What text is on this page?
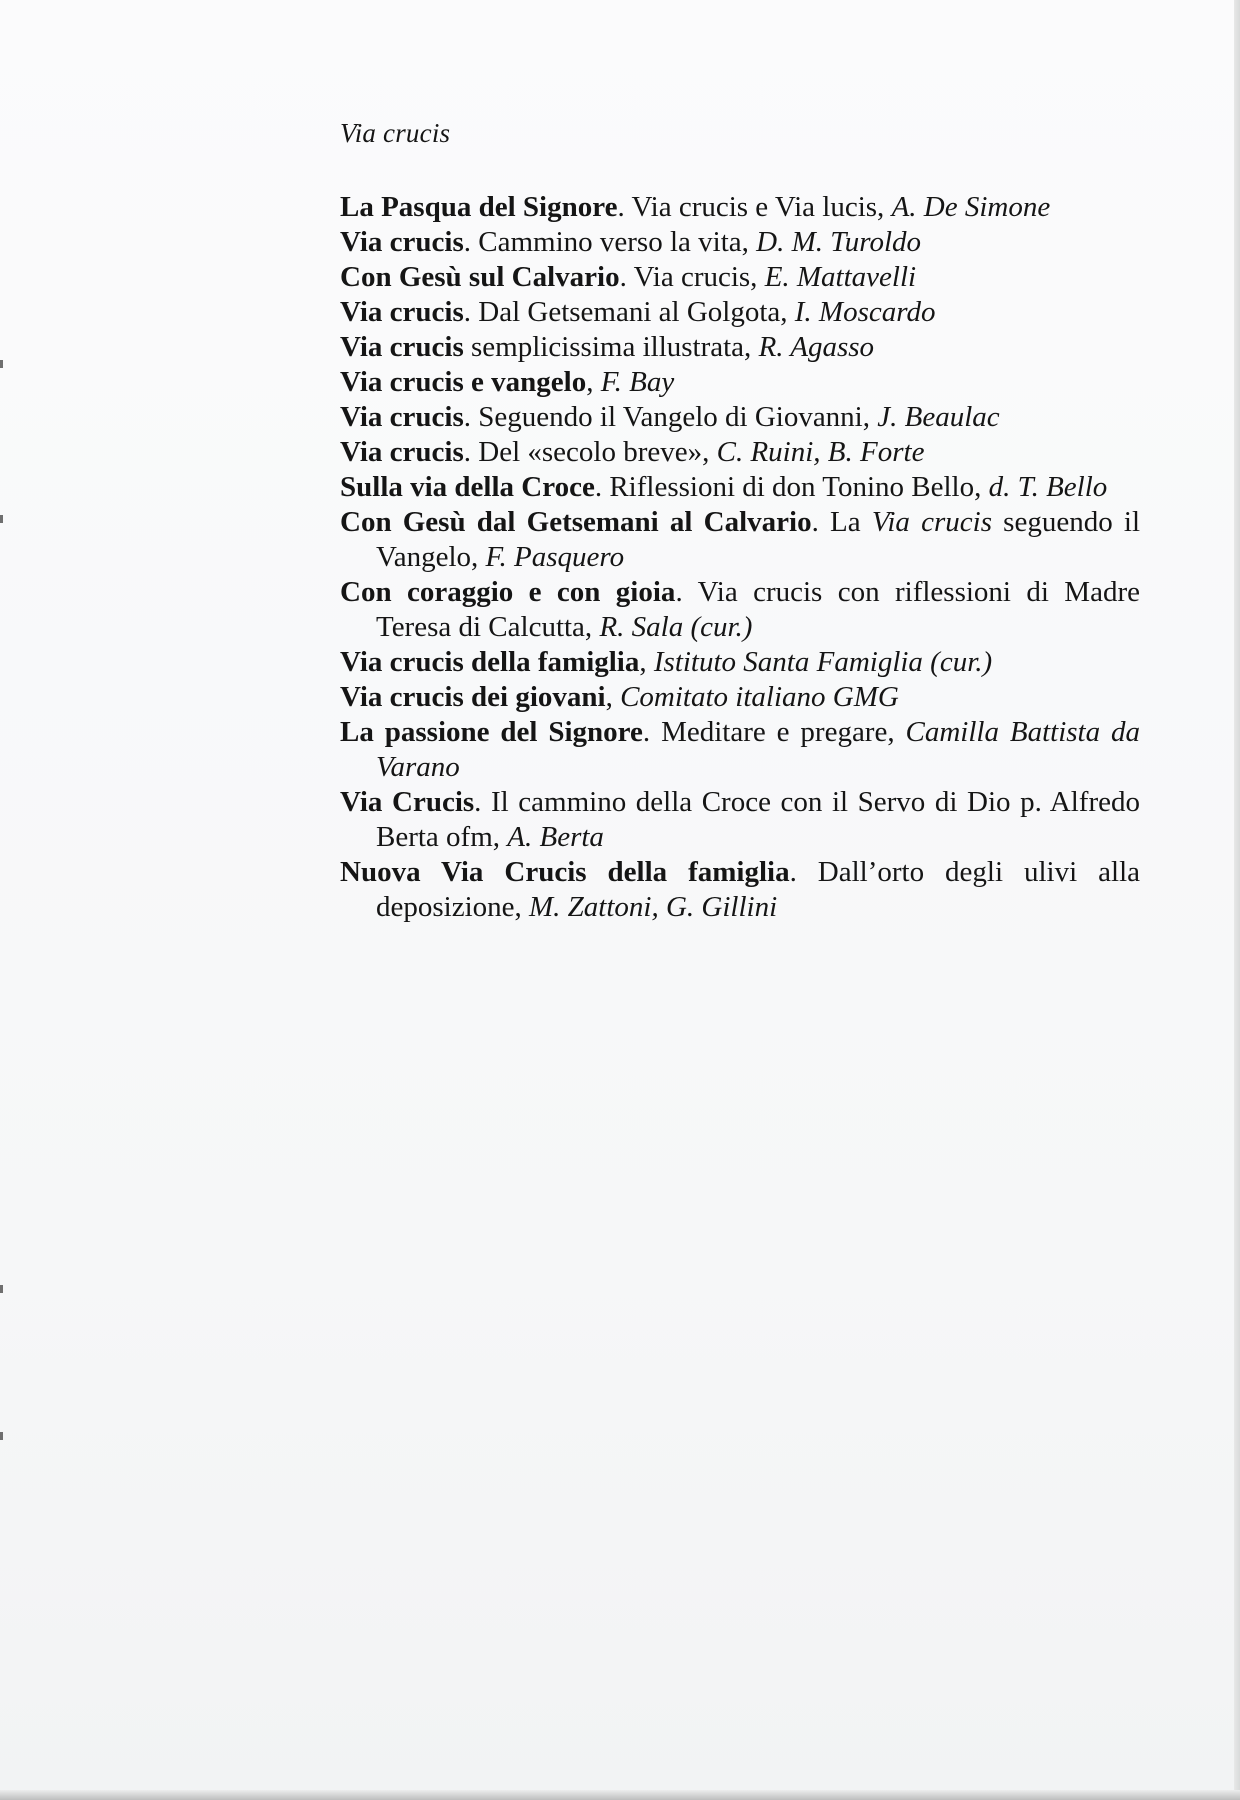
Via crucis
La Pasqua del Signore. Via crucis e Via lucis, A. De Simone
Via crucis. Cammino verso la vita, D. M. Turoldo
Con Gesù sul Calvario. Via crucis, E. Mattavelli
Via crucis. Dal Getsemani al Golgota, I. Moscardo
Via crucis semplicissima illustrata, R. Agasso
Via crucis e vangelo, F. Bay
Via crucis. Seguendo il Vangelo di Giovanni, J. Beaulac
Via crucis. Del «secolo breve», C. Ruini, B. Forte
Sulla via della Croce. Riflessioni di don Tonino Bello, d. T. Bello
Con Gesù dal Getsemani al Calvario. La Via crucis seguendo il Vangelo, F. Pasquero
Con coraggio e con gioia. Via crucis con riflessioni di Madre Teresa di Calcutta, R. Sala (cur.)
Via crucis della famiglia, Istituto Santa Famiglia (cur.)
Via crucis dei giovani, Comitato italiano GMG
La passione del Signore. Meditare e pregare, Camilla Battista da Varano
Via Crucis. Il cammino della Croce con il Servo di Dio p. Alfredo Berta ofm, A. Berta
Nuova Via Crucis della famiglia. Dall’orto degli ulivi alla deposizione, M. Zattoni, G. Gillini
